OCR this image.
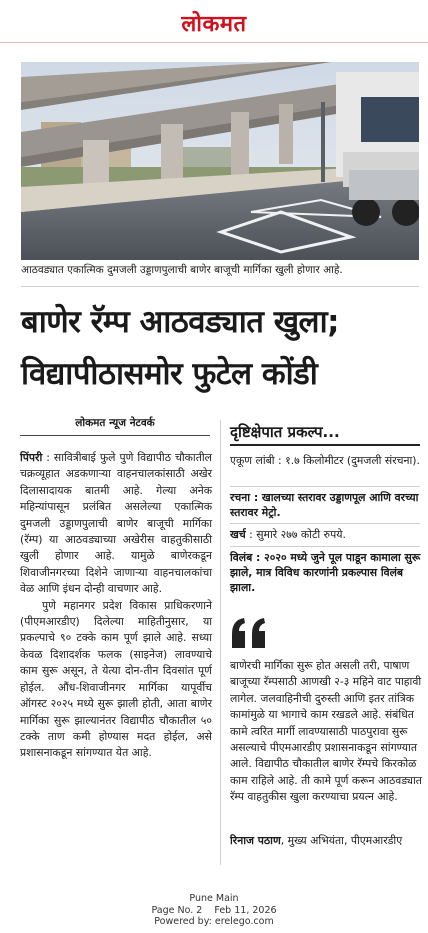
लोकमत
आठवड्यात एकात्मिक दुमजली उड्डाणपुलाची बाणेर बाजूची मार्गिका खुली होणार आहे.
बाणेर रॅम्प आठवड्यात खुला;
विद्यापीठासमोर फुटेल कोंडी
लोकमत न्यूज नेटवर्क

पिंपरी : सावित्रीबाई फुले पुणे विद्यापीठ चौकातील चक्रव्यूहात अडकणाऱ्या वाहनचालकांसाठी अखेर दिलासादायक बातमी आहे. गेल्या अनेक महिन्यांपासून प्रलंबित असलेल्या एकात्मिक दुमजली उड्डाणपुलाची बाणेर बाजूची मार्गिका (रॅम्प) या आठवड्याच्या अखेरीस वाहतुकीसाठी खुली होणार आहे. यामुळे बाणेरकडून शिवाजीनगरच्या दिशेने जाणाऱ्या वाहनचालकांचा वेळ आणि इंधन दोन्ही वाचणार आहे.

पुणे महानगर प्रदेश विकास प्राधिकरणाने (पीएमआरडीए) दिलेल्या माहितीनुसार, या प्रकल्पाचे ९० टक्के काम पूर्ण झाले आहे. सध्या केवळ दिशादर्शक फलक (साइनेज) लावण्याचे काम सुरू असून, ते येत्या दोन-तीन दिवसांत पूर्ण होईल. औंध-शिवाजीनगर मार्गिका यापूर्वीच ऑगस्ट २०२५ मध्ये सुरू झाली होती, आता बाणेर मार्गिका सुरू झाल्यानंतर विद्यापीठ चौकातील ५० टक्के ताण कमी होण्यास मदत होईल, असे प्रशासनाकडून सांगण्यात येत आहे.

दृष्टिक्षेपात प्रकल्प...
एकूण लांबी : १.७ किलोमीटर (दुमजली संरचना).
रचना : खालच्या स्तरावर उड्डाणपूल आणि वरच्या स्तरावर मेट्रो.
खर्च : सुमारे २७७ कोटी रुपये.
विलंब : २०२० मध्ये जुने पूल पाडून कामाला सुरू झाले, मात्र विविध कारणांनी प्रकल्पास विलंब झाला.
बाणेरची मार्गिका सुरू होत असली तरी, पाषाण बाजूच्या रॅम्पसाठी आणखी २-३ महिने वाट पाहावी लागेल. जलवाहिनीची दुरुस्ती आणि इतर तांत्रिक कामांमुळे या भागाचे काम रखडले आहे. संबंधित कामे त्वरित मार्गी लावण्यासाठी पाठपुरावा सुरू असल्याचे पीएमआरडीए प्रशासनाकडून सांगण्यात आले. विद्यापीठ चौकातील बाणेर रॅम्पचे किरकोळ काम राहिले आहे. ती कामे पूर्ण करून आठवड्यात रॅम्प वाहतुकीस खुला करण्याचा प्रयत्न आहे.
रिनाज पठाण, मुख्य अभियंता, पीएमआरडीए
Pune Main
Page No. 2    Feb 11, 2026
Powered by: erelego.com
